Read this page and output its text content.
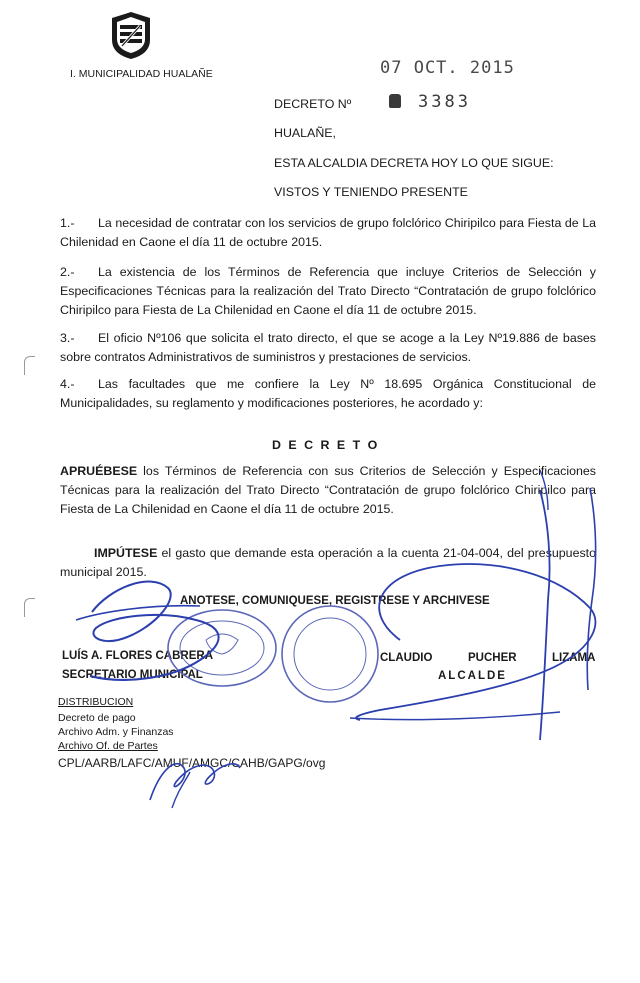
I. MUNICIPALIDAD HUALAÑE	07 OCT. 2015
DECRETO Nº	3383
HUALAÑE,
ESTA ALCALDIA DECRETA HOY LO QUE SIGUE:
VISTOS Y TENIENDO PRESENTE
1.- La necesidad de contratar con los servicios de grupo folclórico Chiripilco para Fiesta de La Chilenidad en Caone el día 11 de octubre 2015.
2.- La existencia de los Términos de Referencia que incluye Criterios de Selección y Especificaciones Técnicas para la realización del Trato Directo “Contratación de grupo folclórico Chiripilco para Fiesta de La Chilenidad en Caone el día 11 de octubre 2015.
3.- El oficio Nº106 que solicita el trato directo, el que se acoge a la Ley Nº19.886 de bases sobre contratos Administrativos de suministros y prestaciones de servicios.
4.- Las facultades que me confiere la Ley Nº 18.695 Orgánica Constitucional de Municipalidades, su reglamento y modificaciones posteriores, he acordado y:
D E C R E T O
APRUÉBESE los Términos de Referencia con sus Criterios de Selección y Especificaciones Técnicas para la realización del Trato Directo “Contratación de grupo folclórico Chiripilco para Fiesta de La Chilenidad en Caone el día 11 de octubre 2015.
IMPÚTESE el gasto que demande esta operación a la cuenta 21-04-004, del presupuesto municipal 2015.
ANOTESE, COMUNIQUESE, REGISTRESE Y ARCHIVESE
LUÍS A. FLORES CABRERA
SECRETARIO MUNICIPAL
CLAUDIO	PUCHER	LIZAMA
ALCALDE
DISTRIBUCION
Decreto de pago
Archivo Adm. y Finanzas
Archivo Of. de Partes
CPL/AARB/LAFC/AMUF/AMGC/CAHB/GAPG/ovg
